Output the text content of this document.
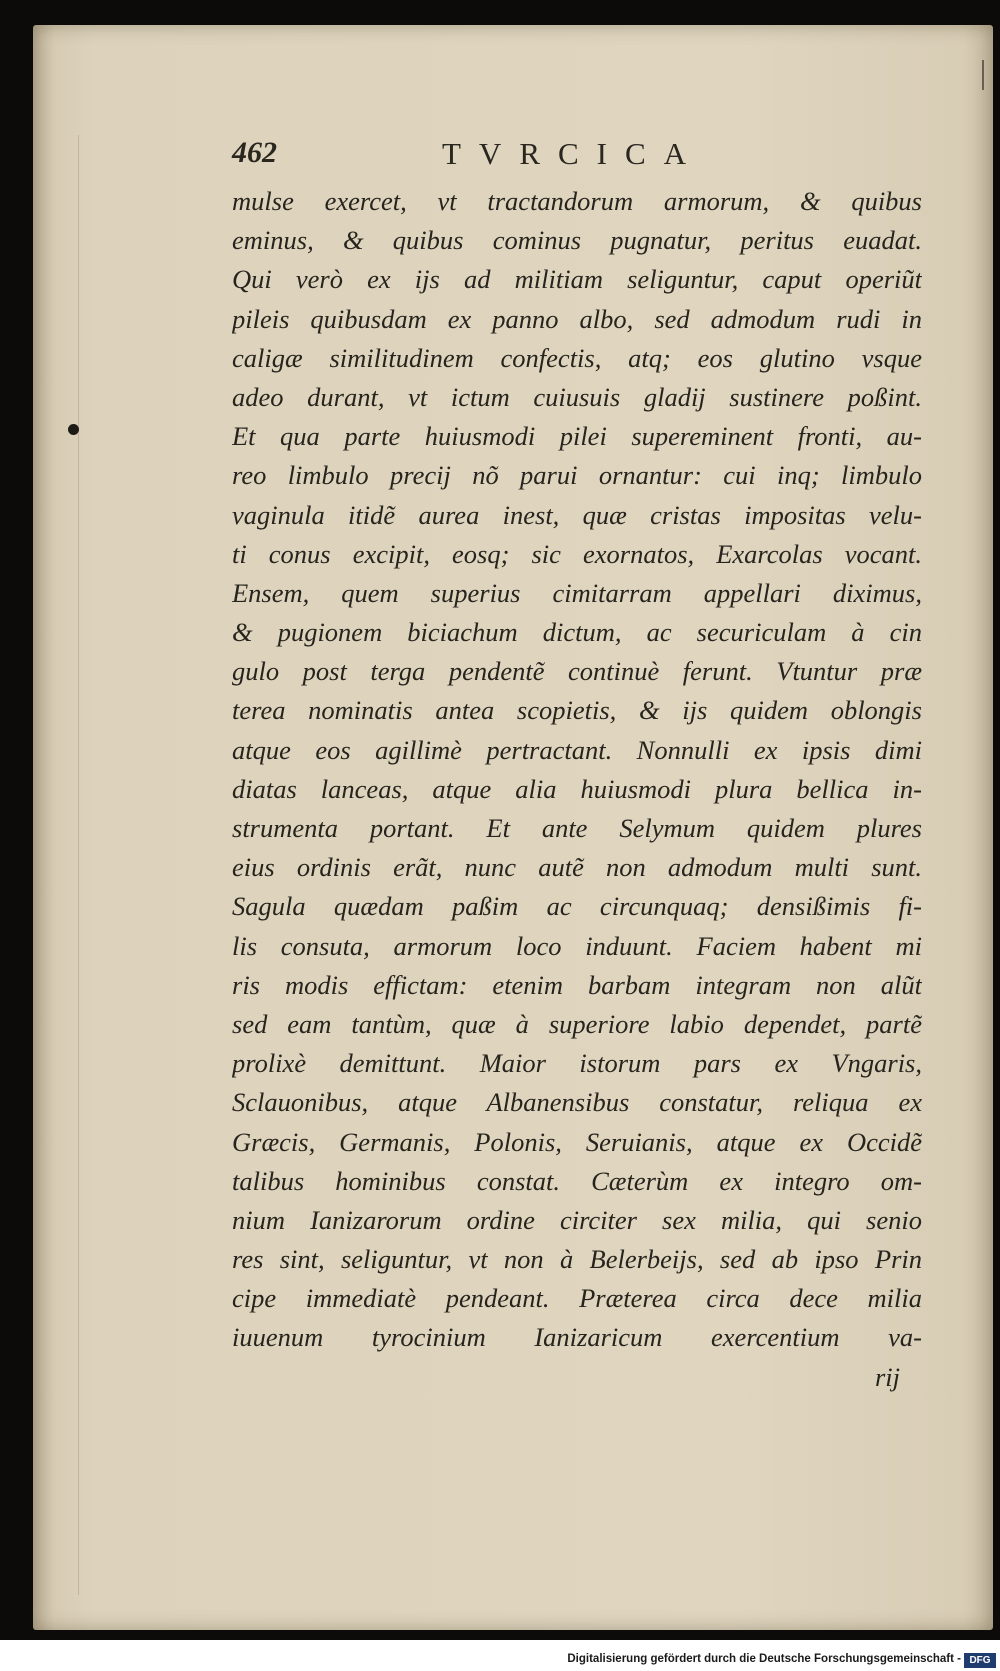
462	TVRCICA
mulse exercet, vt tractandorum armorum, & quibus
eminus, & quibus cominus pugnatur, peritus euadat.
Qui verò ex ijs ad militiam seliguntur, caput operiũt
pileis quibusdam ex panno albo, sed admodum rudi in
caligæ similitudinem confectis, atq; eos glutino vsque
adeo durant, vt ictum cuiusuis gladij sustinere poßint.
Et qua parte huiusmodi pilei supereminent fronti, au-
reo limbulo precij nõ parui ornantur: cui inq; limbulo
vaginula itidẽ aurea inest, quæ cristas impositas velu-
ti conus excipit, eosq; sic exornatos, Exarcolas vocant.
Ensem, quem superius cimitarram appellari diximus,
& pugionem biciachum dictum, ac securiculam à cin
gulo post terga pendentẽ continuè ferunt. Vtuntur præ
terea nominatis antea scopietis, & ijs quidem oblongis
atque eos agillimè pertractant. Nonnulli ex ipsis dimi
diatas lanceas, atque alia huiusmodi plura bellica in-
strumenta portant. Et ante Selymum quidem plures
eius ordinis erãt, nunc autẽ non admodum multi sunt.
Sagula quædam paßim ac circunquaq; densißimis fi-
lis consuta, armorum loco induunt. Faciem habent mi
ris modis effictam: etenim barbam integram non alũt
sed eam tantùm, quæ à superiore labio dependet, partẽ
prolixè demittunt. Maior istorum pars ex Vngaris,
Sclauonibus, atque Albanensibus constatur, reliqua ex
Græcis, Germanis, Polonis, Seruianis, atque ex Occidẽ
talibus hominibus constat. Cæterùm ex integro om-
nium Ianizarorum ordine circiter sex milia, qui senio
res sint, seliguntur, vt non à Belerbeijs, sed ab ipso Prin
cipe immediatè pendeant. Præterea circa dece milia
iuuenum tyrocinium Ianizaricum exercentium va-
rij
Digitalisierung gefördert durch die Deutsche Forschungsgemeinschaft - DFG
